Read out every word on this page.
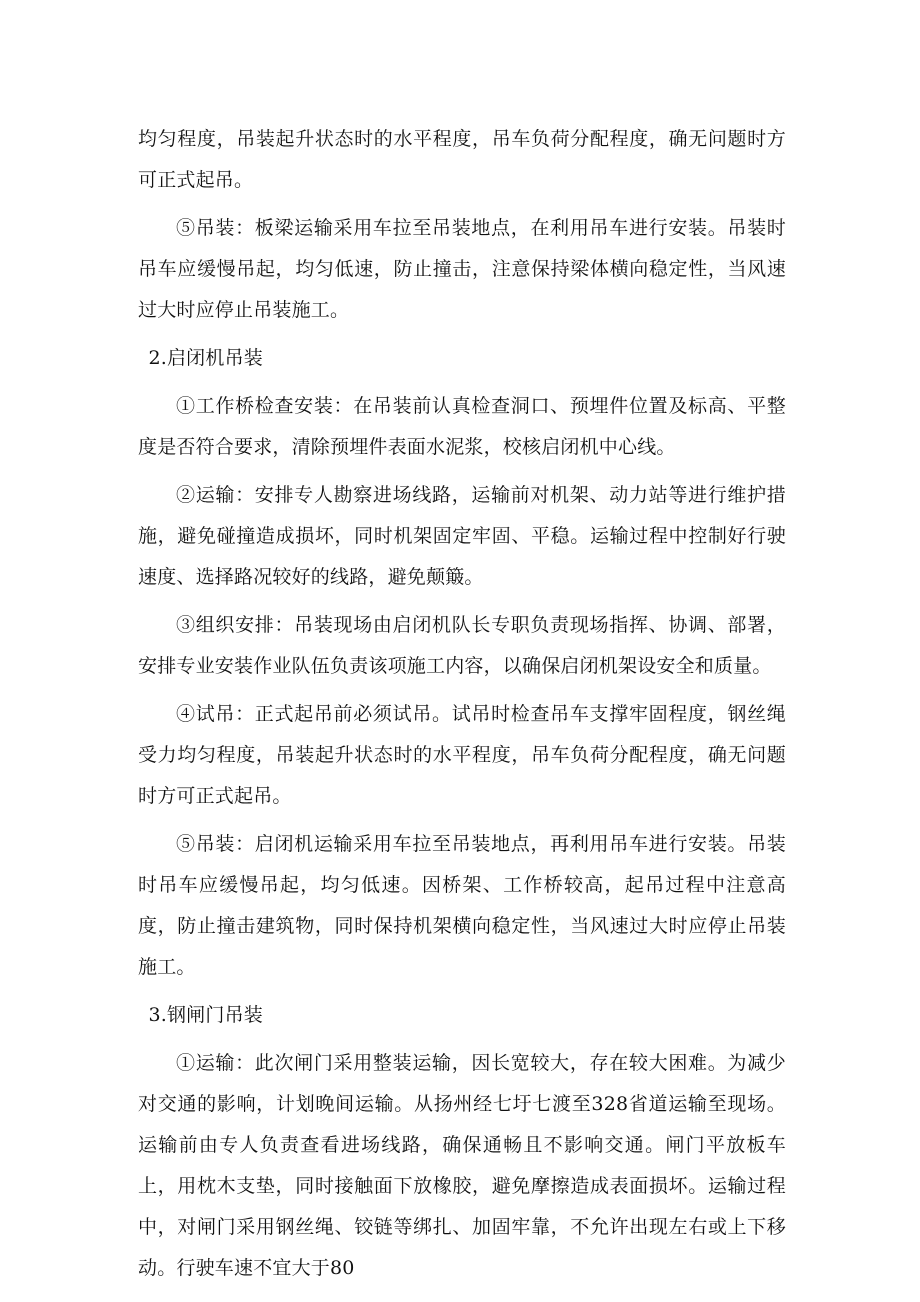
均匀程度，吊装起升状态时的水平程度，吊车负荷分配程度，确无问题时方可正式起吊。

⑤吊装：板梁运输采用车拉至吊装地点，在利用吊车进行安装。吊装时吊车应缓慢吊起，均匀低速，防止撞击，注意保持梁体横向稳定性，当风速过大时应停止吊装施工。

2.启闭机吊装

①工作桥检查安装：在吊装前认真检查洞口、预埋件位置及标高、平整度是否符合要求，清除预埋件表面水泥浆，校核启闭机中心线。

②运输：安排专人勘察进场线路，运输前对机架、动力站等进行维护措施，避免碰撞造成损坏，同时机架固定牢固、平稳。运输过程中控制好行驶速度、选择路况较好的线路，避免颠簸。

③组织安排：吊装现场由启闭机队长专职负责现场指挥、协调、部署，安排专业安装作业队伍负责该项施工内容，以确保启闭机架设安全和质量。

④试吊：正式起吊前必须试吊。试吊时检查吊车支撑牢固程度，钢丝绳受力均匀程度，吊装起升状态时的水平程度，吊车负荷分配程度，确无问题时方可正式起吊。

⑤吊装：启闭机运输采用车拉至吊装地点，再利用吊车进行安装。吊装时吊车应缓慢吊起，均匀低速。因桥架、工作桥较高，起吊过程中注意高度，防止撞击建筑物，同时保持机架横向稳定性，当风速过大时应停止吊装施工。

3.钢闸门吊装

①运输：此次闸门采用整装运输，因长宽较大，存在较大困难。为减少对交通的影响，计划晚间运输。从扬州经七圩七渡至328省道运输至现场。运输前由专人负责查看进场线路，确保通畅且不影响交通。闸门平放板车上，用枕木支垫，同时接触面下放橡胶，避免摩擦造成表面损坏。运输过程中，对闸门采用钢丝绳、铰链等绑扎、加固牢靠，不允许出现左右或上下移动。行驶车速不宜大于80
